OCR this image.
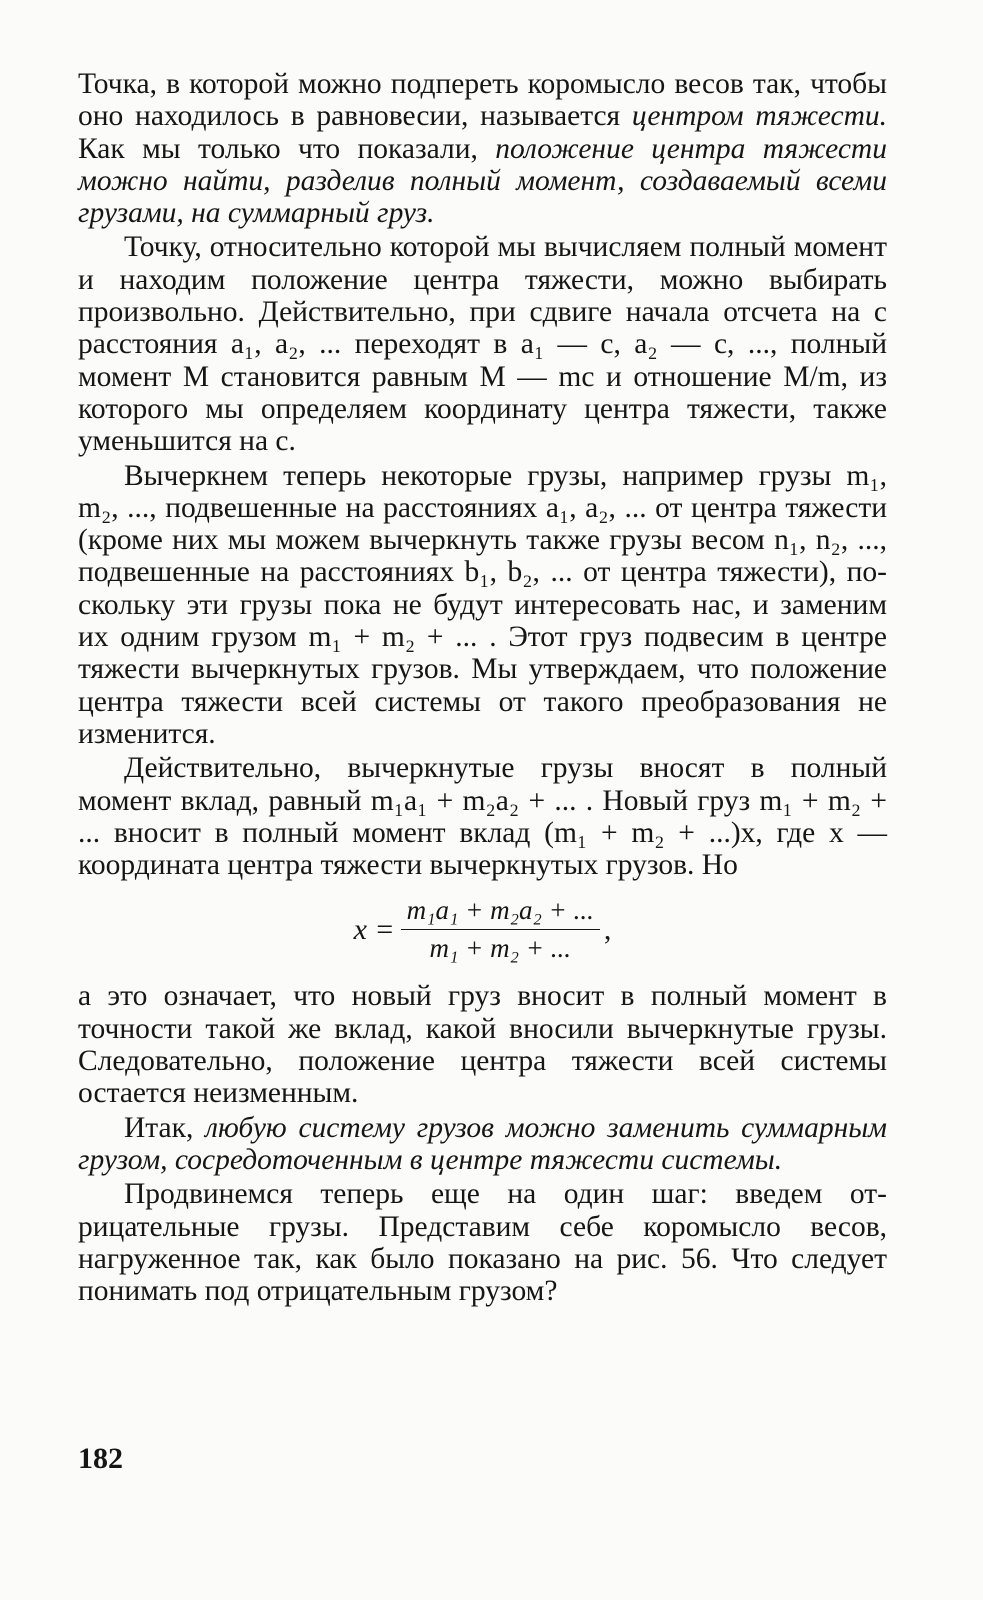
Точка, в которой можно подпереть коромысло весов так, чтобы оно находилось в равновесии, называется центром тяжести. Как мы только что показали, положение центра тяжести можно найти, разделив полный момент, создаваемый всеми грузами, на суммарный груз.

Точку, относительно которой мы вычисляем полный момент и находим положение центра тяжести, можно выбирать произвольно. Действительно, при сдвиге начала отсчета на с расстояния a₁, a₂, ... переходят в a₁ — c, a₂ — c, ..., полный момент M становится равным M — mc и отношение M/m, из которого мы определяем координату центра тяжести, также уменьшится на с.

Вычеркнем теперь некоторые грузы, например грузы m₁, m₂, ..., подвешенные на расстояниях a₁, a₂, ... от центра тяжести (кроме них мы можем вычеркнуть также грузы весом n₁, n₂, ..., подвешенные на расстояниях b₁, b₂, ... от центра тяжести), поскольку эти грузы пока не будут интересовать нас, и заменим их одним грузом m₁ + m₂ + ... . Этот груз подвесим в центре тяжести вычеркнутых грузов. Мы утверждаем, что положение центра тяжести всей системы от такого преобразования не изменится.

Действительно, вычеркнутые грузы вносят в полный момент вклад, равный m₁a₁ + m₂a₂ + ... . Новый груз m₁ + m₂ + ... вносит в полный момент вклад (m₁ + m₂ + ...)x, где x — координата центра тяжести вычеркнутых грузов. Но

$x = \frac{\text{m₁a₁ + m₂a₂ + ...}}{\text{m₁ + m₂ + ...}}$ ,

а это означает, что новый груз вносит в полный момент в точности такой же вклад, какой вносили вычеркнутые грузы. Следовательно, положение центра тяжести всей системы остается неизменным.

Итак, любую систему грузов можно заменить суммарным грузом, сосредоточенным в центре тяжести системы.

Продвинемся теперь еще на один шаг: введем отрицательные грузы. Представим себе коромысло весов, нагруженное так, как было показано на рис. 56. Что следует понимать под отрицательным грузом?

182
